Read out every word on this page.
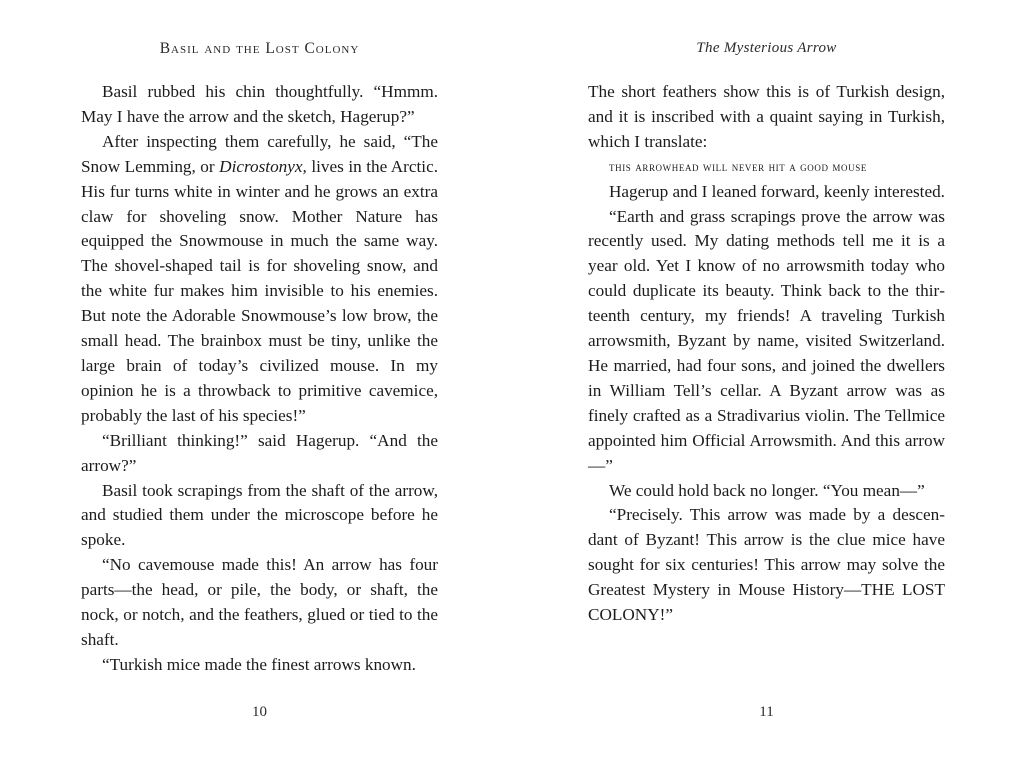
Basil and the Lost Colony

Basil rubbed his chin thoughtfully. “Hmmm. May I have the arrow and the sketch, Hagerup?”

After inspecting them carefully, he said, “The Snow Lemming, or Dicrostonyx, lives in the Arctic. His fur turns white in winter and he grows an extra claw for shoveling snow. Mother Nature has equipped the Snowmouse in much the same way. The shovel-shaped tail is for shoveling snow, and the white fur makes him invisible to his enemies. But note the Adorable Snowmouse’s low brow, the small head. The brainbox must be tiny, unlike the large brain of today’s civilized mouse. In my opinion he is a throwback to primitive cavemice, probably the last of his species!”

“Brilliant thinking!” said Hagerup. “And the arrow?”

Basil took scrapings from the shaft of the arrow, and studied them under the microscope before he spoke.

“No cavemouse made this! An arrow has four parts—the head, or pile, the body, or shaft, the nock, or notch, and the feathers, glued or tied to the shaft.

“Turkish mice made the finest arrows known.

10
The Mysterious Arrow

The short feathers show this is of Turkish design, and it is inscribed with a quaint saying in Turkish, which I translate:

this arrowhead will never hit a good mouse

Hagerup and I leaned forward, keenly interested.

“Earth and grass scrapings prove the arrow was recently used. My dating methods tell me it is a year old. Yet I know of no arrowsmith today who could duplicate its beauty. Think back to the thirteenth century, my friends! A traveling Turkish arrowsmith, Byzant by name, visited Switzerland. He married, had four sons, and joined the dwellers in William Tell’s cellar. A Byzant arrow was as finely crafted as a Stradivarius violin. The Tellmice appointed him Official Arrowsmith. And this arrow—”

We could hold back no longer. “You mean—”

“Precisely. This arrow was made by a descendant of Byzant! This arrow is the clue mice have sought for six centuries! This arrow may solve the Greatest Mystery in Mouse History—THE LOST COLONY!”

11
